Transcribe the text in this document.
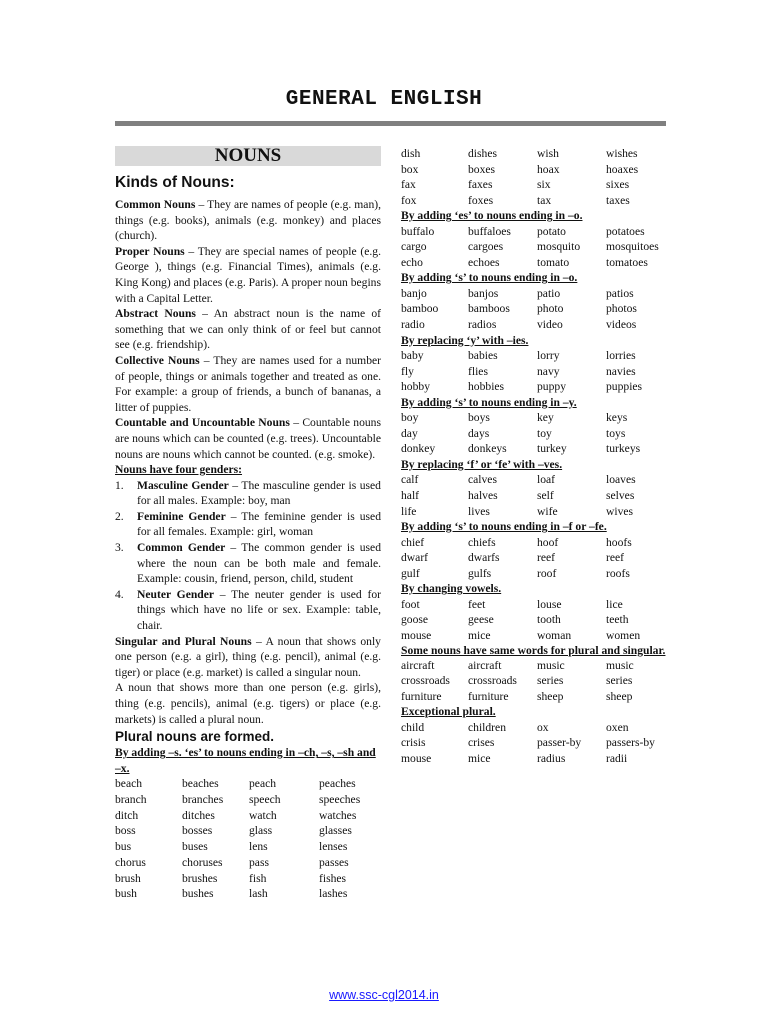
GENERAL ENGLISH
NOUNS
Kinds of Nouns:

Common Nouns – They are names of people (e.g. man), things (e.g. books), animals (e.g. monkey) and places (church).

Proper Nouns – They are special names of people (e.g. George ), things (e.g. Financial Times), animals (e.g. King Kong) and places (e.g. Paris). A proper noun begins with a Capital Letter.

Abstract Nouns – An abstract noun is the name of something that we can only think of or feel but cannot see (e.g. friendship).

Collective Nouns – They are names used for a number of people, things or animals together and treated as one. For example: a group of friends, a bunch of bananas, a litter of puppies.

Countable and Uncountable Nouns – Countable nouns are nouns which can be counted (e.g. trees). Uncountable nouns are nouns which cannot be counted. (e.g. smoke).

Nouns have four genders:
1. Masculine Gender – The masculine gender is used for all males. Example: boy, man
2. Feminine Gender – The feminine gender is used for all females. Example: girl, woman
3. Common Gender – The common gender is used where the noun can be both male and female. Example: cousin, friend, person, child, student
4. Neuter Gender – The neuter gender is used for things which have no life or sex. Example: table, chair.

Singular and Plural Nouns – A noun that shows only one person (e.g. a girl), thing (e.g. pencil), animal (e.g. tiger) or place (e.g. market) is called a singular noun.

A noun that shows more than one person (e.g. girls), thing (e.g. pencils), animal (e.g. tigers) or place (e.g. markets) is called a plural noun.

Plural nouns are formed.
By adding –s. ‘es’ to nouns ending in –ch, –s, –sh and –x.
beach	beaches	peach	peaches
branch	branches	speech	speeches
ditch	ditches	watch	watches
boss	bosses	glass	glasses
bus	buses	lens	lenses
chorus	choruses	pass	passes
brush	brushes	fish	fishes
bush	bushes	lash	lashes
dish	dishes	wish	wishes
box	boxes	hoax	hoaxes
fax	faxes	six	sixes
fox	foxes	tax	taxes
By adding ‘es’ to nouns ending in –o.
buffalo	buffaloes	potato	potatoes
cargo	cargoes	mosquito	mosquitoes
echo	echoes	tomato	tomatoes
By adding ‘s’ to nouns ending in –o.
banjo	banjos	patio	patios
bamboo	bamboos	photo	photos
radio	radios	video	videos
By replacing ‘y’ with –ies.
baby	babies	lorry	lorries
fly	flies	navy	navies
hobby	hobbies	puppy	puppies
By adding ‘s’ to nouns ending in –y.
boy	boys	key	keys
day	days	toy	toys
donkey	donkeys	turkey	turkeys
By replacing ‘f’ or ‘fe’ with –ves.
calf	calves	loaf	loaves
half	halves	self	selves
life	lives	wife	wives
By adding ‘s’ to nouns ending in –f or –fe.
chief	chiefs	hoof	hoofs
dwarf	dwarfs	reef	reef
gulf	gulfs	roof	roofs
By changing vowels.
foot	feet	louse	lice
goose	geese	tooth	teeth
mouse	mice	woman	women
Some nouns have same words for plural and singular.
aircraft	aircraft	music	music
crossroads	crossroads	series	series
furniture	furniture	sheep	sheep
Exceptional plural.
child	children	ox	oxen
crisis	crises	passer-by	passers-by
mouse	mice	radius	radii
www.ssc-cgl2014.in
